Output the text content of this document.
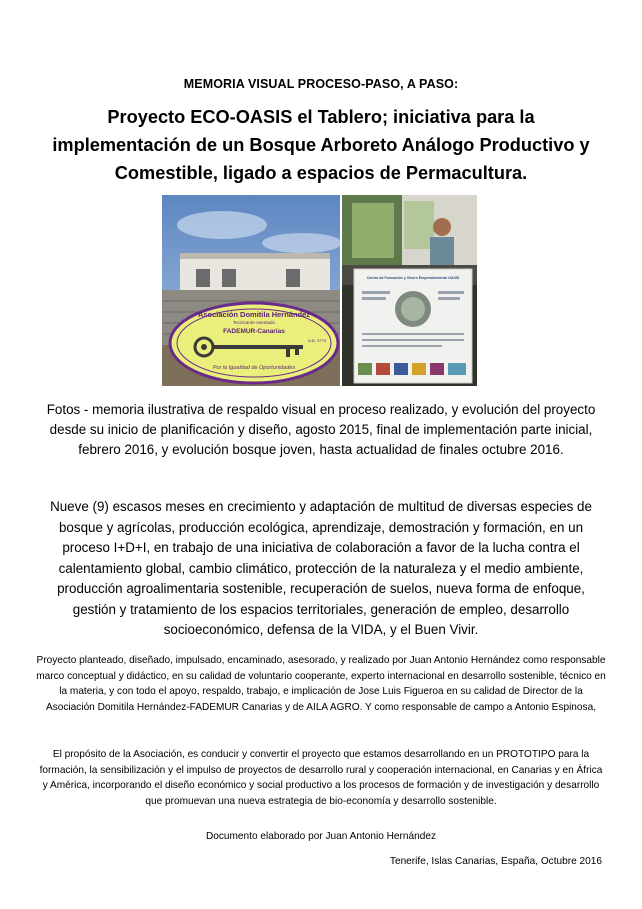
MEMORIA VISUAL PROCESO-PASO, A PASO:
Proyecto ECO-OASIS el Tablero; iniciativa para la implementación de un Bosque Arboreto Análogo Productivo y Comestible, ligado a espacios de Permacultura.
Asociación Domitila Hernández
Tecnicante-Asentado
FADEMUR-Canarias
N.B. 3779
Por la Igualdad de Oportunidades
Centro de Formación y Vivero Emprendimiento OASIS
Fotos - memoria ilustrativa de respaldo visual en proceso realizado, y evolución del proyecto desde su inicio de planificación y diseño, agosto 2015, final de implementación parte inicial, febrero 2016, y evolución bosque joven, hasta actualidad de finales octubre 2016.
Nueve (9) escasos meses en crecimiento y adaptación de multitud de diversas especies de bosque y agrícolas, producción ecológica, aprendizaje, demostración y formación, en un proceso I+D+I, en trabajo de una iniciativa de colaboración a favor de la lucha contra el calentamiento global, cambio climático, protección de la naturaleza y el medio ambiente, producción agroalimentaria sostenible, recuperación de suelos, nueva forma de enfoque, gestión y tratamiento de los espacios territoriales, generación de empleo, desarrollo socioeconómico, defensa de la VIDA, y el Buen Vivir.
Proyecto planteado, diseñado, impulsado, encaminado, asesorado, y realizado por Juan Antonio Hernández como responsable marco conceptual y didáctico, en su calidad de voluntario cooperante, experto internacional en desarrollo sostenible, técnico en la materia, y con todo el apoyo, respaldo, trabajo, e implicación de Jose Luis Figueroa en su calidad de Director de la Asociación Domitila Hernández-FADEMUR Canarias y de AILA AGRO. Y como responsable de campo a Antonio Espinosa,
El propósito de la Asociación, es conducir y convertir el proyecto que estamos desarrollando en un PROTOTIPO para la formación, la sensibilización y el impulso de proyectos de desarrollo rural y cooperación internacional, en Canarias y en África y América, incorporando el diseño económico y social productivo a los procesos de formación y de investigación y desarrollo que promuevan una nueva estrategia de bio-economía y desarrollo sostenible.
Documento elaborado por Juan Antonio Hernández
Tenerife, Islas Canarias, España, Octubre 2016
